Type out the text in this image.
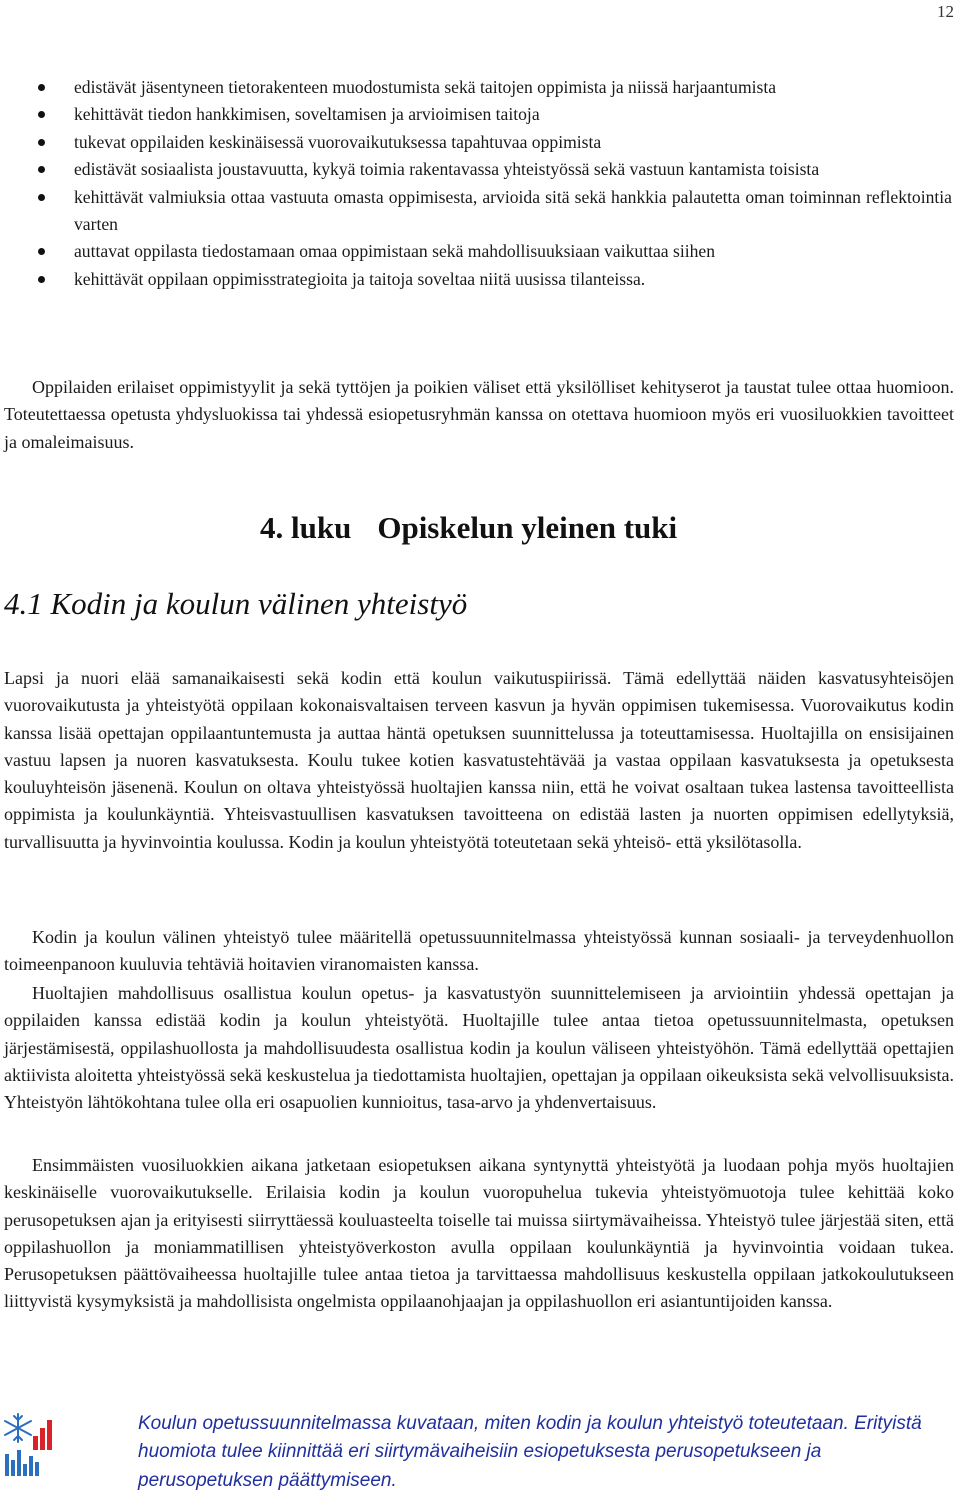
12
edistävät jäsentyneen tietorakenteen muodostumista sekä taitojen oppimista ja niissä harjaantumista
kehittävät tiedon hankkimisen, soveltamisen ja arvioimisen taitoja
tukevat oppilaiden keskinäisessä vuorovaikutuksessa tapahtuvaa oppimista
edistävät sosiaalista joustavuutta, kykyä toimia rakentavassa yhteistyössä sekä vastuun kantamista toisista
kehittävät valmiuksia ottaa vastuuta omasta oppimisesta, arvioida sitä sekä hankkia palautetta oman toiminnan reflektointia varten
auttavat oppilasta tiedostamaan omaa oppimistaan sekä mahdollisuuksiaan vaikuttaa siihen
kehittävät oppilaan oppimisstrategioita ja taitoja soveltaa niitä uusissa tilanteissa.

Oppilaiden erilaiset oppimistyylit ja sekä tyttöjen ja poikien väliset että yksilölliset kehityserot ja taustat tulee ottaa huomioon. Toteutettaessa opetusta yhdysluokissa tai yhdessä esiopetusryhmän kanssa on otettava huomioon myös eri vuosiluokkien tavoitteet ja omaleimaisuus.

4. luku Opiskelun yleinen tuki
4.1 Kodin ja koulun välinen yhteistyö

Lapsi ja nuori elää samanaikaisesti sekä kodin että koulun vaikutuspiirissä. Tämä edellyttää näiden kasvatusyhteisöjen vuorovaikutusta ja yhteistyötä oppilaan kokonaisvaltaisen terveen kasvun ja hyvän oppimisen tukemisessa. Vuorovaikutus kodin kanssa lisää opettajan oppilaantuntemusta ja auttaa häntä opetuksen suunnittelussa ja toteuttamisessa. Huoltajilla on ensisijainen vastuu lapsen ja nuoren kasvatuksesta. Koulu tukee kotien kasvatustehtävää ja vastaa oppilaan kasvatuksesta ja opetuksesta kouluyhteisön jäsenenä. Koulun on oltava yhteistyössä huoltajien kanssa niin, että he voivat osaltaan tukea lastensa tavoitteellista oppimista ja koulunkäyntiä. Yhteisvastuullisen kasvatuksen tavoitteena on edistää lasten ja nuorten oppimisen edellytyksiä, turvallisuutta ja hyvinvointia koulussa. Kodin ja koulun yhteistyötä toteutetaan sekä yhteisö- että yksilötasolla.

Kodin ja koulun välinen yhteistyö tulee määritellä opetussuunnitelmassa yhteistyössä kunnan sosiaali- ja terveydenhuollon toimeenpanoon kuuluvia tehtäviä hoitavien viranomaisten kanssa.

Huoltajien mahdollisuus osallistua koulun opetus- ja kasvatustyön suunnittelemiseen ja arviointiin yhdessä opettajan ja oppilaiden kanssa edistää kodin ja koulun yhteistyötä. Huoltajille tulee antaa tietoa opetussuunnitelmasta, opetuksen järjestämisestä, oppilashuollosta ja mahdollisuudesta osallistua kodin ja koulun väliseen yhteistyöhön. Tämä edellyttää opettajien aktiivista aloitetta yhteistyössä sekä keskustelua ja tiedottamista huoltajien, opettajan ja oppilaan oikeuksista sekä velvollisuuksista. Yhteistyön lähtökohtana tulee olla eri osapuolien kunnioitus, tasa-arvo ja yhdenvertaisuus.

Ensimmäisten vuosiluokkien aikana jatketaan esiopetuksen aikana syntynyttä yhteistyötä ja luodaan pohja myös huoltajien keskinäiselle vuorovaikutukselle. Erilaisia kodin ja koulun vuoropuhelua tukevia yhteistyömuotoja tulee kehittää koko perusopetuksen ajan ja erityisesti siirryttäessä kouluasteelta toiselle tai muissa siirtymävaiheissa. Yhteistyö tulee järjestää siten, että oppilashuollon ja moniammatillisen yhteistyöverkoston avulla oppilaan koulunkäyntiä ja hyvinvointia voidaan tukea. Perusopetuksen päättövaiheessa huoltajille tulee antaa tietoa ja tarvittaessa mahdollisuus keskustella oppilaan jatkokoulutukseen liittyvistä kysymyksistä ja mahdollisista ongelmista oppilaanohjaajan ja oppilashuollon eri asiantuntijoiden kanssa.

Koulun opetussuunnitelmassa kuvataan, miten kodin ja koulun yhteistyö toteutetaan. Erityistä huomiota tulee kiinnittää eri siirtymävaiheisiin esiopetuksesta perusopetukseen ja perusopetuksen päättymiseen.
